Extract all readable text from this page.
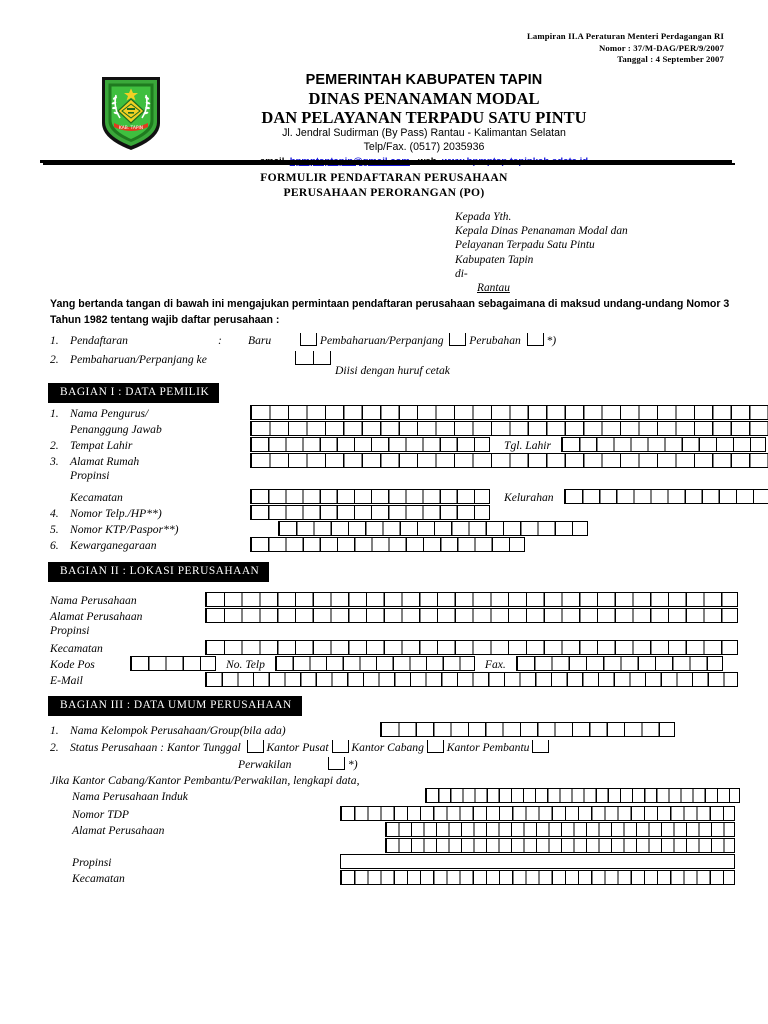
Lampiran II.A Peraturan Menteri Perdagangan RI
Nomor : 37/M-DAG/PER/9/2007
Tanggal : 4 September 2007
KAB. TAPIN
PEMERINTAH KABUPATEN TAPIN
DINAS PENANAMAN MODAL
DAN PELAYANAN TERPADU SATU PINTU
Jl. Jendral Sudirman (By Pass) Rantau - Kalimantan Selatan
Telp/Fax. (0517) 2035936

FORMULIR PENDAFTARAN PERUSAHAAN
PERUSAHAAN PERORANGAN (PO)
Kepada Yth.
Kepala Dinas Penanaman Modal dan
Pelayanan Terpadu Satu Pintu
Kabupaten Tapin
di-
Rantau
Yang bertanda tangan di bawah ini mengajukan permintaan pendaftaran perusahaan sebagaimana di maksud undang-undang Nomor 3 Tahun 1982 tentang wajib daftar perusahaan :
1. Pendaftaran	: Baru	Pembaharuan/Perpanjang Perubahan *)
2. Pembaharuan/Perpanjang ke
Diisi dengan huruf cetak
BAGIAN I : DATA PEMILIK
1. Nama Pengurus/
Penanggung Jawab
2. Tempat Lahir	Tgl. Lahir
3. Alamat Rumah
Propinsi
Kecamatan	Kelurahan
4. Nomor Telp./HP**)
5. Nomor KTP/Paspor**)
6. Kewarganegaraan
BAGIAN II : LOKASI PERUSAHAAN
Nama Perusahaan
Alamat Perusahaan
Propinsi
Kecamatan
Kode Pos	No. Telp	Fax.
E-Mail
BAGIAN III : DATA UMUM PERUSAHAAN
1. Nama Kelompok Perusahaan/Group(bila ada)
2. Status Perusahaan : Kantor Tunggal Kantor Pusat Kantor Cabang Kantor Pembantu
Perwakilan	*)
Jika Kantor Cabang/Kantor Pembantu/Perwakilan, lengkapi data,
Nama Perusahaan Induk
Nomor TDP
Alamat Perusahaan
Propinsi
Kecamatan
